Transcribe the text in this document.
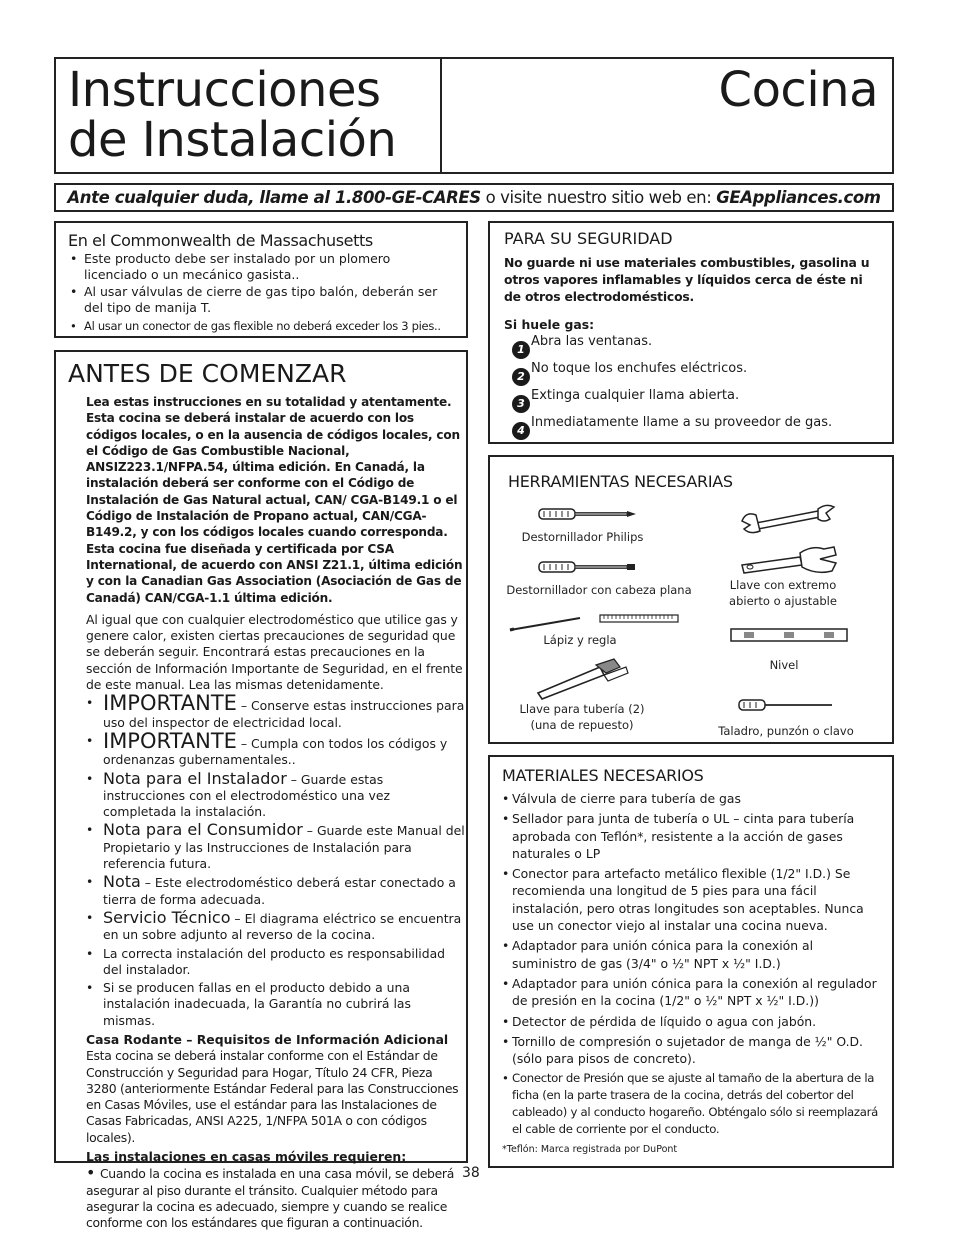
Instrucciones
de Instalación
Cocina
Ante cualquier duda, llame al 1.800-GE-CARES o visite nuestro sitio web en: GEAppliances.com
En el Commonwealth de Massachusetts
• Este producto debe ser instalado por un plomero licenciado o un mecánico gasista..
• Al usar válvulas de cierre de gas tipo balón, deberán ser del tipo de manija T.
• Al usar un conector de gas flexible no deberá exceder los 3 pies..
ANTES DE COMENZAR
Lea estas instrucciones en su totalidad y atentamente. Esta cocina se deberá instalar de acuerdo con los códigos locales, o en la ausencia de códigos locales, con el Código de Gas Combustible Nacional, ANSIZ223.1/NFPA.54, última edición. En Canadá, la instalación deberá ser conforme con el Código de Instalación de Gas Natural actual, CAN/ CGA-B149.1 o el Código de Instalación de Propano actual, CAN/CGA-B149.2, y con los códigos locales cuando corresponda. Esta cocina fue diseñada y certificada por CSA International, de acuerdo con ANSI Z21.1, última edición y con la Canadian Gas Association (Asociación de Gas de Canadá) CAN/CGA-1.1 última edición.
Al igual que con cualquier electrodoméstico que utilice gas y genere calor, existen ciertas precauciones de seguridad que se deberán seguir. Encontrará estas precauciones en la sección de Información Importante de Seguridad, en el frente de este manual. Lea las mismas detenidamente.
• IMPORTANTE – Conserve estas instrucciones para uso del inspector de electricidad local.
• IMPORTANTE – Cumpla con todos los códigos y ordenanzas gubernamentales..
• Nota para el Instalador – Guarde estas instrucciones con el electrodoméstico una vez completada la instalación.
• Nota para el Consumidor – Guarde este Manual del Propietario y las Instrucciones de Instalación para referencia futura.
• Nota – Este electrodoméstico deberá estar conectado a tierra de forma adecuada.
• Servicio Técnico – El diagrama eléctrico se encuentra en un sobre adjunto al reverso de la cocina.
• La correcta instalación del producto es responsabilidad del instalador.
• Si se producen fallas en el producto debido a una instalación inadecuada, la Garantía no cubrirá las mismas.
Casa Rodante – Requisitos de Información Adicional
Esta cocina se deberá instalar conforme con el Estándar de Construcción y Seguridad para Hogar, Título 24 CFR, Pieza 3280 (anteriormente Estándar Federal para las Construcciones en Casas Móviles, use el estándar para las Instalaciones de Casas Fabricadas, ANSI A225, 1/NFPA 501A o con códigos locales).
Las instalaciones en casas móviles requieren:
• Cuando la cocina es instalada en una casa móvil, se deberá asegurar al piso durante el tránsito. Cualquier método para asegurar la cocina es adecuado, siempre y cuando se realice conforme con los estándares que figuran a continuación.
PARA SU SEGURIDAD
No guarde ni use materiales combustibles, gasolina u otros vapores inflamables y líquidos cerca de éste ni de otros electrodomésticos.
Si huele gas:
1
Abra las ventanas.
2
No toque los enchufes eléctricos.
3
Extinga cualquier llama abierta.
4
Inmediatamente llame a su proveedor de gas.
HERRAMIENTAS NECESARIAS
Destornillador Philips
Destornillador con cabeza plana
Lápiz y regla
Llave para tubería (2)
(una de repuesto)
Llave con extremo
abierto o ajustable
Nivel
Taladro, punzón o clavo
MATERIALES NECESARIOS
• Válvula de cierre para tubería de gas
• Sellador para junta de tubería o UL – cinta para tubería aprobada con Teflón*, resistente a la acción de gases naturales o LP
• Conector para artefacto metálico flexible (1/2" I.D.) Se recomienda una longitud de 5 pies para una fácil instalación, pero otras longitudes son aceptables. Nunca use un conector viejo al instalar una cocina nueva.
• Adaptador para unión cónica para la conexión al suministro de gas (3/4" o ½" NPT x ½" I.D.)
• Adaptador para unión cónica para la conexión al regulador de presión en la cocina (1/2" o ½" NPT x ½" I.D.))
• Detector de pérdida de líquido o agua con jabón.
• Tornillo de compresión o sujetador de manga de ½" O.D. (sólo para pisos de concreto).
• Conector de Presión que se ajuste al tamaño de la abertura de la ficha (en la parte trasera de la cocina, detrás del cobertor del cableado) y al conducto hogareño. Obténgalo sólo si reemplazará el cable de corriente por el conducto.
*Teflón: Marca registrada por DuPont
38
